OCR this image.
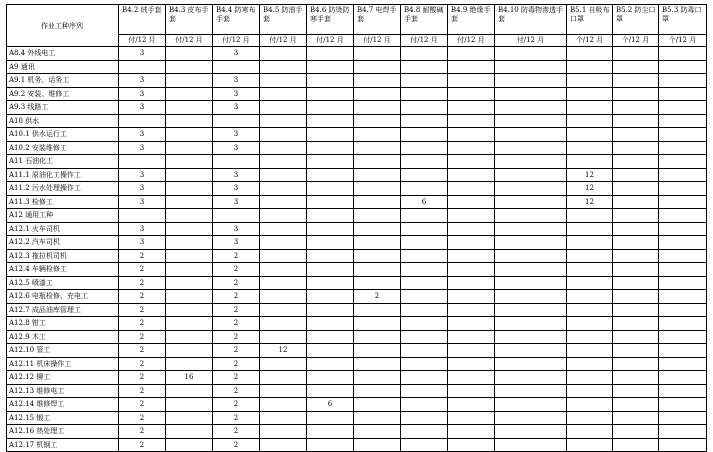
作业工种序列	B4.2 绒手套	B4.3 皮布手套	B4.4 防寒布手套	B4.5 防油手套	B4.6 防烫防寒手套	B4.7 电焊手套	B4.8 耐酸碱手套	B4.9 绝缘手套	B4.10 防毒物渗透手套	B5.1 自吸布口罩	B5.2 防尘口罩	B5.3 防毒口罩
	付/12 月	付/12 月	付/12 月	付/12 月	付/12 月	付/12 月	付/12 月	付/12 月	付/12 月	个/12 月	个/12 月	个/12 月
A8.4 外线电工	3		3									
A9 通讯												
A9.1 机务、话务工	3		3									
A9.2 安装、维修工	3		3									
A9.3 线路工	3		3									
A10 供水												
A10.1 供水运行工	3		3									
A10.2 安装维修工	3		3									
A11 石油化工												
A11.1 原油化工操作工	3		3							12		
A11.2 污水处理操作工	3		3							12		
A11.3 检修工	3		3				6			12		
A12 通用工种												
A12.1 火车司机	3		3									
A12.2 汽车司机	3		3									
A12.3 拖拉机司机	2		2									
A12.4 车辆检修工	2		2									
A12.5 喷漆工	2		2									
A12.6 电瓶检修、充电工	2		2			2						
A12.7 成品油库管理工	2		2									
A12.8 钳工	2		2									
A12.9 木工	2		2									
A12.10 管工	2		2	12								
A12.11 机床操作工	2		2									
A12.12 铆工	2	16	2									
A12.13 维修电工	2		2									
A12.14 维修焊工	2		2		6							
A12.15 锻工	2		2									
A12.16 热处理工	2		2									
A12.17 机钢工	2		2									
